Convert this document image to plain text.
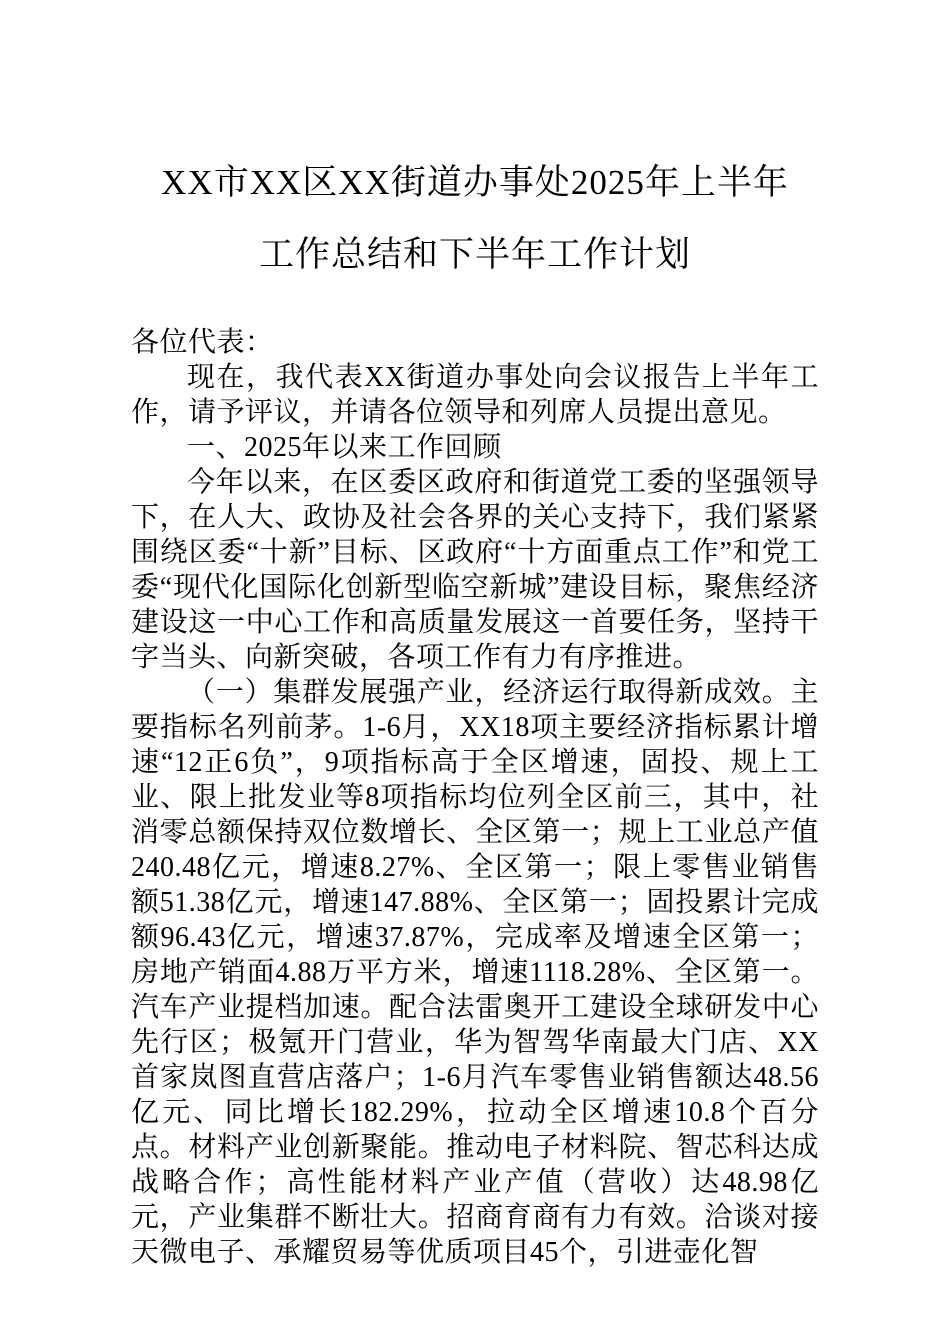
XX市XX区XX街道办事处2025年上半年
工作总结和下半年工作计划

各位代表：

现在，我代表XX街道办事处向会议报告上半年工作，请予评议，并请各位领导和列席人员提出意见。

一、2025年以来工作回顾

今年以来，在区委区政府和街道党工委的坚强领导下，在人大、政协及社会各界的关心支持下，我们紧紧围绕区委“十新”目标、区政府“十方面重点工作”和党工委“现代化国际化创新型临空新城”建设目标，聚焦经济建设这一中心工作和高质量发展这一首要任务，坚持干字当头、向新突破，各项工作有力有序推进。

（一）集群发展强产业，经济运行取得新成效。主要指标名列前茅。1-6月，XX18项主要经济指标累计增速“12正6负”，9项指标高于全区增速，固投、规上工业、限上批发业等8项指标均位列全区前三，其中，社消零总额保持双位数增长、全区第一；规上工业总产值240.48亿元，增速8.27%、全区第一；限上零售业销售额51.38亿元，增速147.88%、全区第一；固投累计完成额96.43亿元，增速37.87%，完成率及增速全区第一；房地产销面4.88万平方米，增速1118.28%、全区第一。汽车产业提档加速。配合法雷奥开工建设全球研发中心先行区；极氪开门营业，华为智驾华南最大门店、XX首家岚图直营店落户；1-6月汽车零售业销售额达48.56亿元、同比增长182.29%，拉动全区增速10.8个百分点。材料产业创新聚能。推动电子材料院、智芯科达成战略合作；高性能材料产业产值（营收）达48.98亿元，产业集群不断壮大。招商育商有力有效。洽谈对接天微电子、承耀贸易等优质项目45个，引进壶化智
